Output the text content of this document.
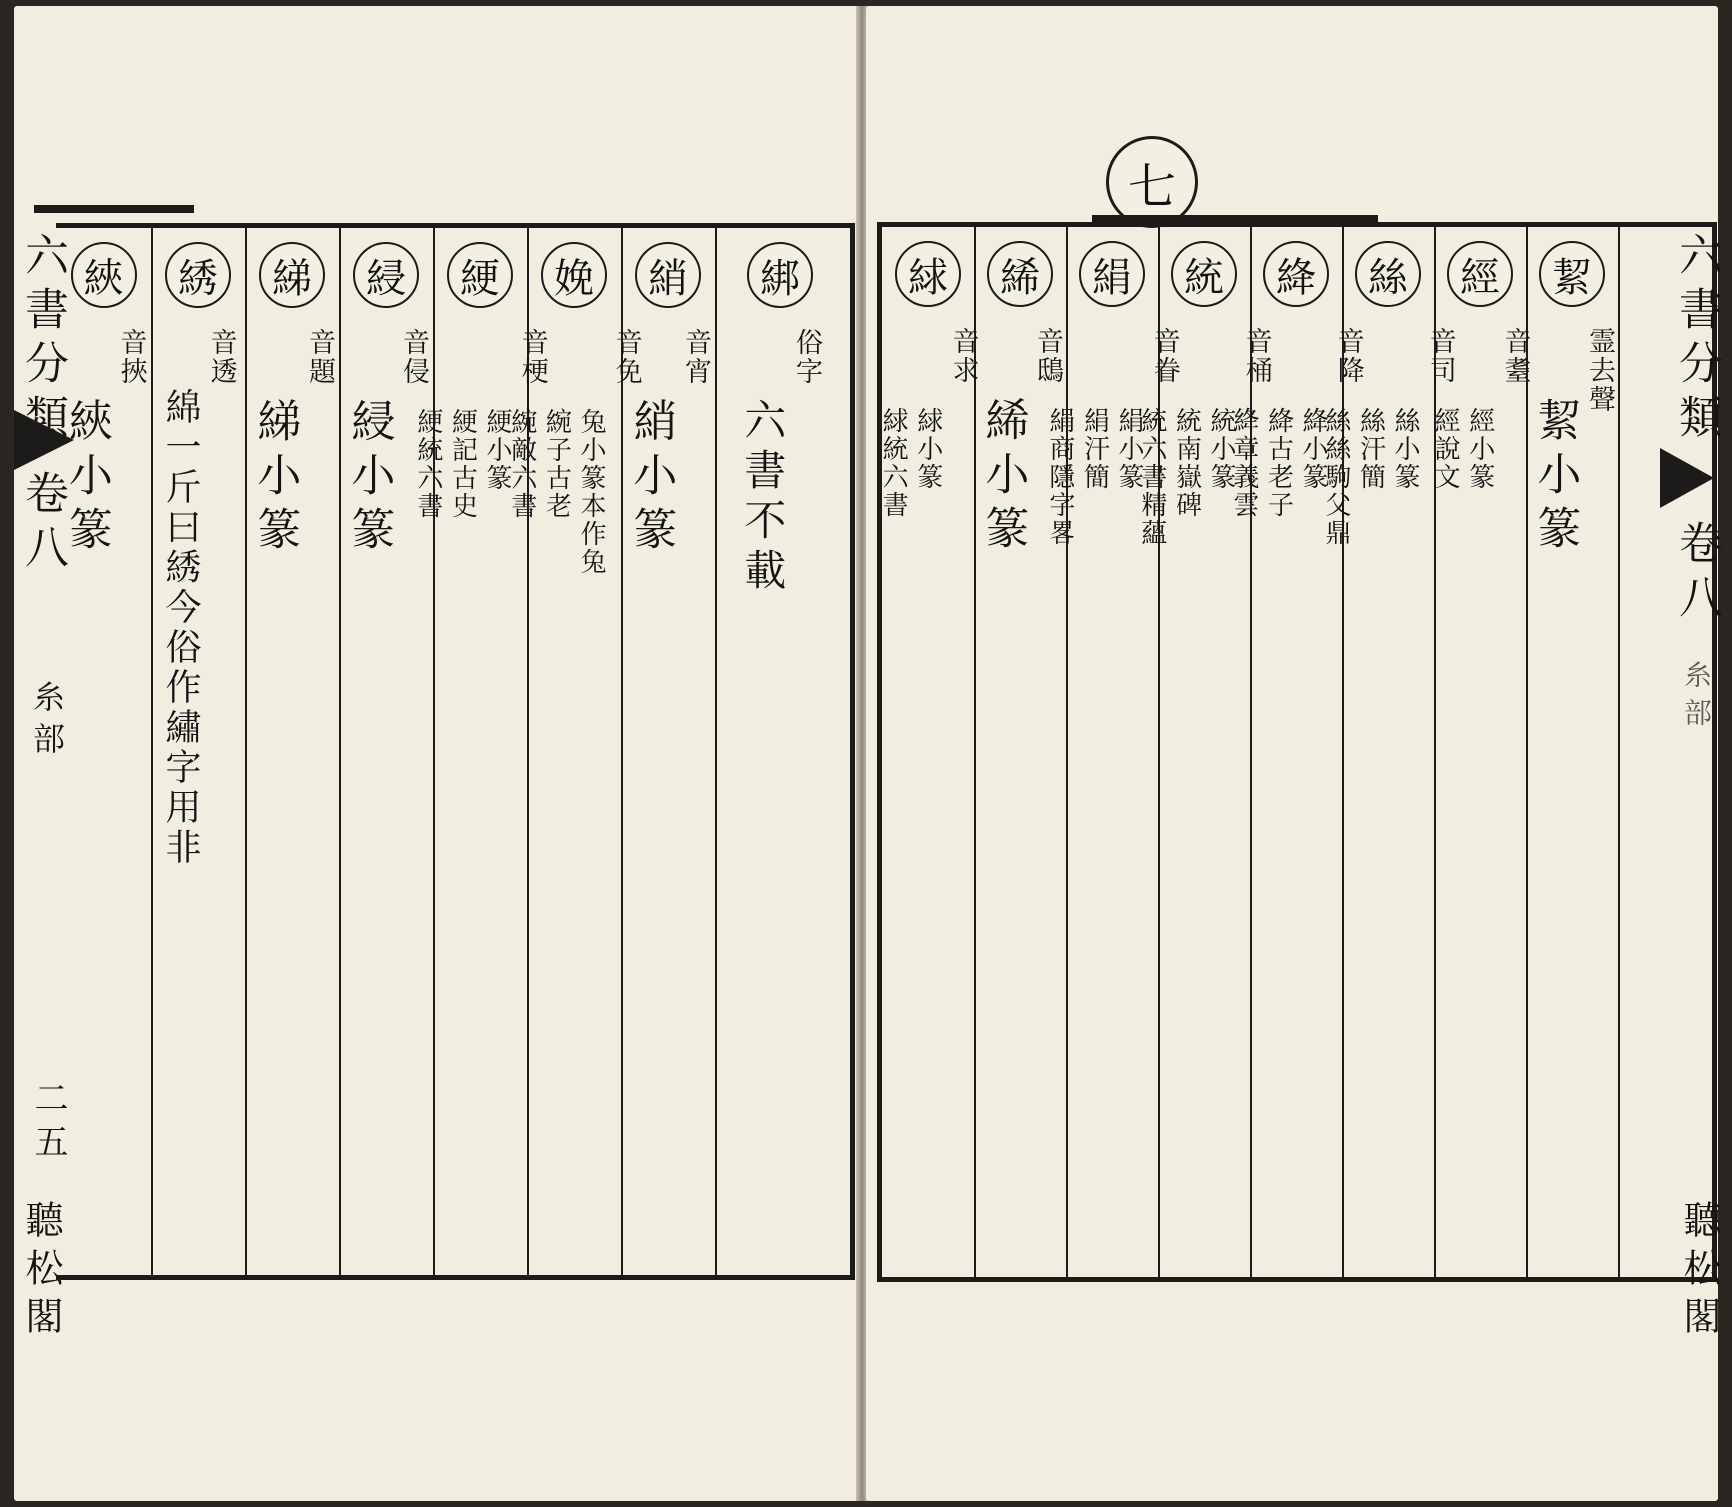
六書分類
卷八
糸部
二五
聽松閣
綁
俗字
六書不載
綃
音宵
綃小篆
娩
音免
兔小篆本作兔
綩子古老
綩敵六書
綆
音梗
綆小篆
綆記古史
綆統六書
綅
音侵
綅小篆
綈
音題
綈小篆
綉
音透
綿一斤曰綉今俗作繡字用非
綊
音挾
綊小篆
七
絜
霊去聲
絜小篆
經
音耋
經小篆
經說文
絲
音司
絲小篆
絲汗簡
絲絲駒父鼎
絳
音降
絳小篆
絳古老子
絳章義雲
統
音桶
統小篆
統南嶽碑
統六書精蘊
絹
音眷
絹小篆
絹汗簡
絹商隱字畧
絺
音鴟
絺小篆
絿
音求
絿小篆
絿統六書
六書分類
卷八
糸部
聽松閣
